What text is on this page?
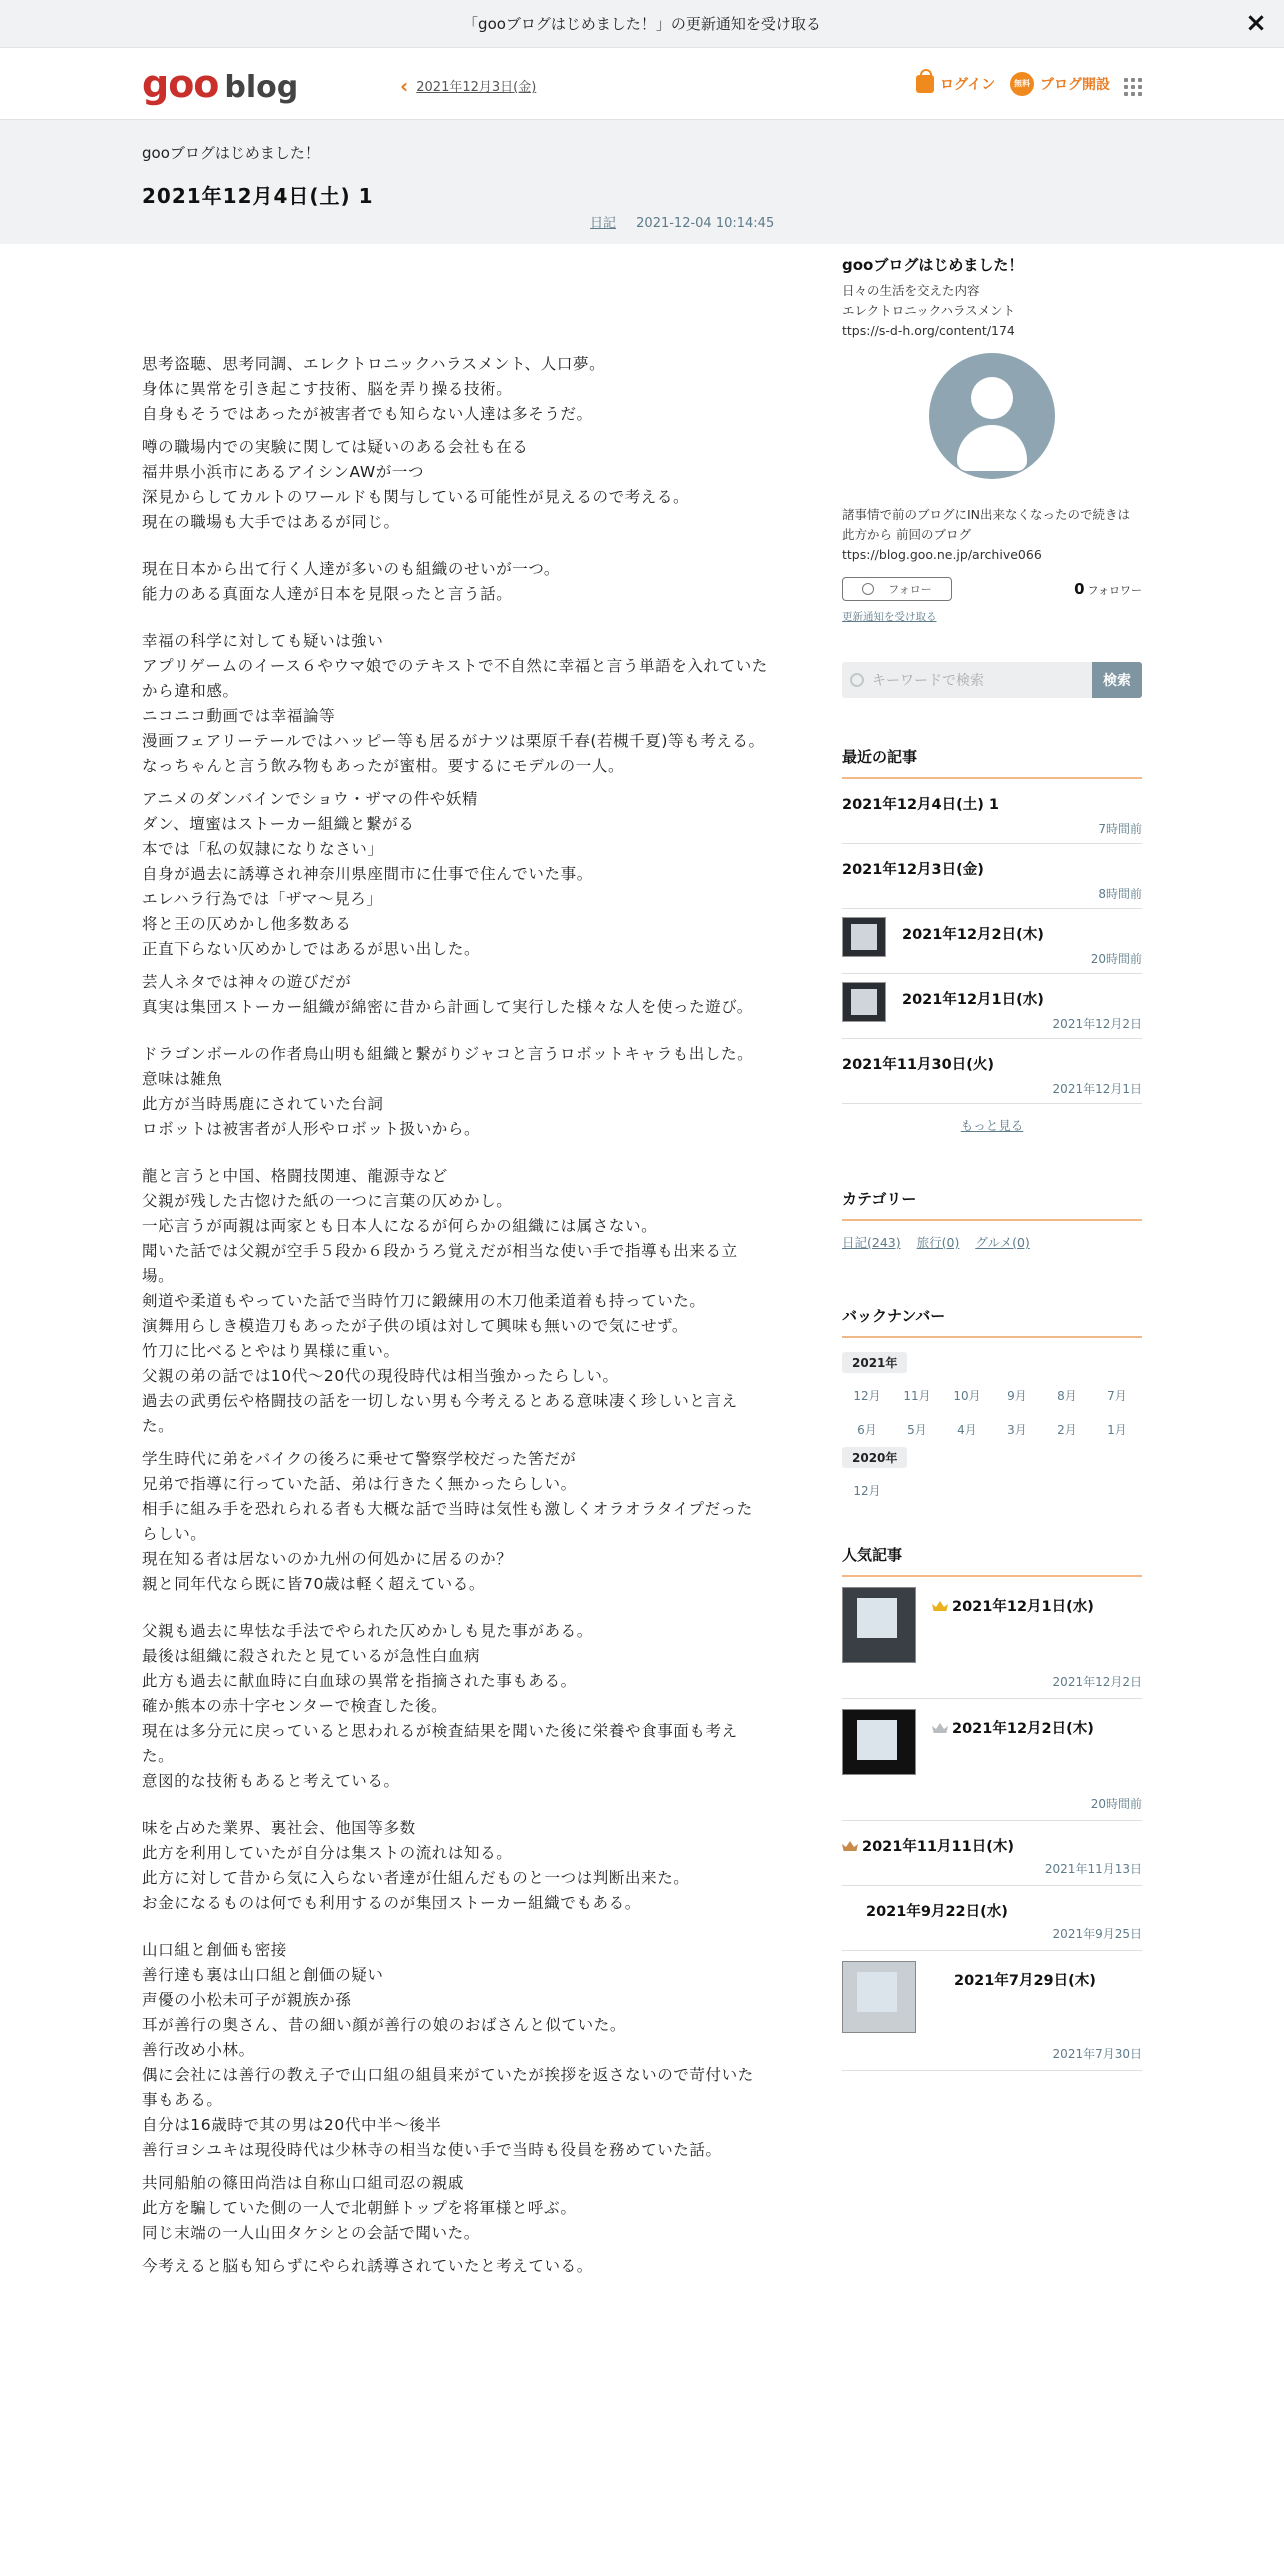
「gooブログはじめました！」の更新通知を受け取る	×
goo blog	‹ 2021年12月3日(金)	ログイン	無料 ブログ開設
gooブログはじめました！
2021年12月4日(土) 1
日記 2021-12-04 10:14:45

思考盗聴、思考同調、エレクトロニックハラスメント、人口夢。
身体に異常を引き起こす技術、脳を弄り操る技術。
自身もそうではあったが被害者でも知らない人達は多そうだ。

噂の職場内での実験に関しては疑いのある会社も在る
福井県小浜市にあるアイシンAWが一つ
深見からしてカルトのワールドも関与している可能性が見えるので考える。
現在の職場も大手ではあるが同じ。

現在日本から出て行く人達が多いのも組織のせいが一つ。
能力のある真面な人達が日本を見限ったと言う話。

幸福の科学に対しても疑いは強い
アプリゲームのイース６やウマ娘でのテキストで不自然に幸福と言う単語を入れていたから違和感。
ニコニコ動画では幸福論等
漫画フェアリーテールではハッピー等も居るがナツは栗原千春(若槻千夏)等も考える。
なっちゃんと言う飲み物もあったが蜜柑。要するにモデルの一人。

アニメのダンバインでショウ・ザマの件や妖精
ダン、壇蜜はストーカー組織と繋がる
本では「私の奴隷になりなさい」
自身が過去に誘導され神奈川県座間市に仕事で住んでいた事。
エレハラ行為では「ザマ～見ろ」
将と王の仄めかし他多数ある
正直下らない仄めかしではあるが思い出した。

芸人ネタでは神々の遊びだが
真実は集団ストーカー組織が綿密に昔から計画して実行した様々な人を使った遊び。

ドラゴンボールの作者鳥山明も組織と繋がりジャコと言うロボットキャラも出した。
意味は雑魚
此方が当時馬鹿にされていた台詞
ロボットは被害者が人形やロボット扱いから。

龍と言うと中国、格闘技関連、龍源寺など
父親が残した古惚けた紙の一つに言葉の仄めかし。
一応言うが両親は両家とも日本人になるが何らかの組織には属さない。
聞いた話では父親が空手５段か６段かうろ覚えだが相当な使い手で指導も出来る立場。
剣道や柔道もやっていた話で当時竹刀に鍛練用の木刀他柔道着も持っていた。
演舞用らしき模造刀もあったが子供の頃は対して興味も無いので気にせず。
竹刀に比べるとやはり異様に重い。
父親の弟の話では10代～20代の現役時代は相当強かったらしい。
過去の武勇伝や格闘技の話を一切しない男も今考えるとある意味凄く珍しいと言えた。

学生時代に弟をバイクの後ろに乗せて警察学校だった筈だが
兄弟で指導に行っていた話、弟は行きたく無かったらしい。
相手に組み手を恐れられる者も大概な話で当時は気性も激しくオラオラタイプだったらしい。
現在知る者は居ないのか九州の何処かに居るのか？
親と同年代なら既に皆70歳は軽く超えている。

父親も過去に卑怯な手法でやられた仄めかしも見た事がある。
最後は組織に殺されたと見ているが急性白血病
此方も過去に献血時に白血球の異常を指摘された事もある。
確か熊本の赤十字センターで検査した後。
現在は多分元に戻っていると思われるが検査結果を聞いた後に栄養や食事面も考えた。
意図的な技術もあると考えている。

味を占めた業界、裏社会、他国等多数
此方を利用していたが自分は集ストの流れは知る。
此方に対して昔から気に入らない者達が仕組んだものと一つは判断出来た。
お金になるものは何でも利用するのが集団ストーカー組織でもある。

山口組と創価も密接
善行達も裏は山口組と創価の疑い
声優の小松未可子が親族か孫
耳が善行の奥さん、昔の細い顔が善行の娘のおばさんと似ていた。
善行改め小林。
偶に会社には善行の教え子で山口組の組員来がていたが挨拶を返さないので苛付いた事もある。
自分は16歳時で其の男は20代中半～後半
善行ヨシユキは現役時代は少林寺の相当な使い手で当時も役員を務めていた話。

共同船舶の篠田尚浩は自称山口組司忍の親戚
此方を騙していた側の一人で北朝鮮トップを将軍様と呼ぶ。
同じ末端の一人山田タケシとの会話で聞いた。

今考えると脳も知らずにやられ誘導されていたと考えている。

gooブログはじめました！
日々の生活を交えた内容
エレクトロニックハラスメント
ttps://s-d-h.org/content/174
諸事情で前のブログにIN出来なくなったので続きは此方から 前回のブログ ttps://blog.goo.ne.jp/archive066
フォロー	0 フォロワー
更新通知を受け取る
キーワードで検索	検索
最近の記事
2021年12月4日(土) 1
7時間前
2021年12月3日(金)
8時間前
2021年12月2日(木)
20時間前
2021年12月1日(水)
2021年12月2日
2021年11月30日(火)
2021年12月1日
もっと見る
カテゴリー
日記(243) 旅行(0) グルメ(0)
バックナンバー
2021年
12月	11月	10月	9月	8月	7月
6月	5月	4月	3月	2月	1月
2020年
12月
人気記事
2021年12月1日(水)
2021年12月2日
2021年12月2日(木)
20時間前
2021年11月11日(木)
2021年11月13日
2021年9月22日(水)
2021年9月25日
2021年7月29日(木)
2021年7月30日
